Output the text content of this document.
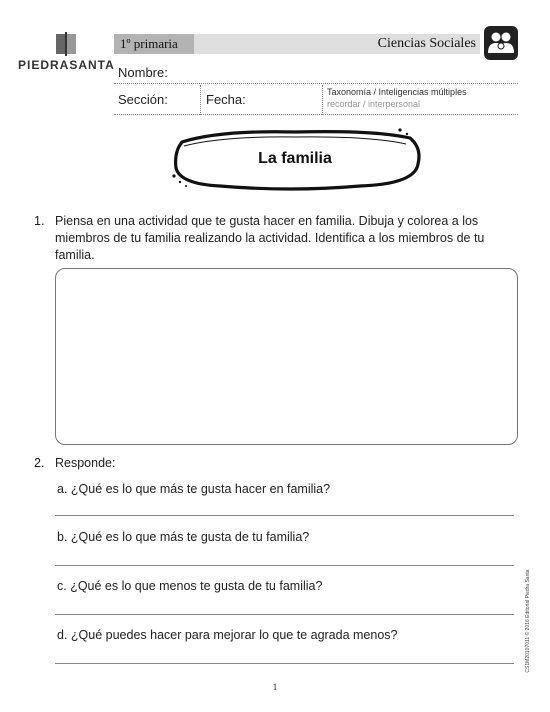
PIEDRASANTA
1º primaria	Ciencias Sociales
Nombre:
Sección:	Fecha:	Taxonomía / Inteligencias múltiples
recordar / interpersonal
La familia
1. Piensa en una actividad que te gusta hacer en familia. Dibuja y colorea a los
miembros de tu familia realizando la actividad. Identifica a los miembros de tu
familia.
2. Responde:
a. ¿Qué es lo que más te gusta hacer en familia?
b. ¿Qué es lo que más te gusta de tu familia?
c. ¿Qué es lo que menos te gusta de tu familia?
d. ¿Qué puedes hacer para mejorar lo que te agrada menos?
1
CS1M20107011 © 2016 Editorial Piedra Santa
